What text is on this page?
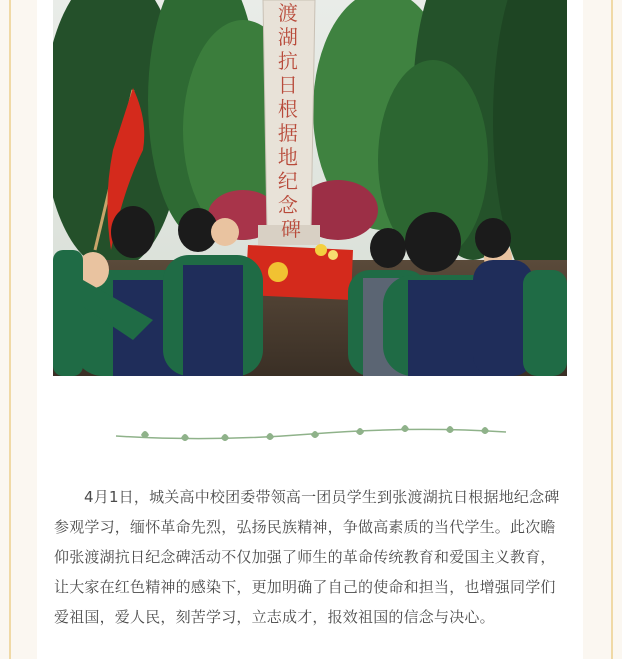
渡 湖 抗 日 根 据 地 纪 念 碑

4月1日，城关高中校团委带领高一团员学生到张渡湖抗日根据地纪念碑参观学习，缅怀革命先烈，弘扬民族精神，争做高素质的当代学生。此次瞻仰张渡湖抗日纪念碑活动不仅加强了师生的革命传统教育和爱国主义教育，让大家在红色精神的感染下，更加明确了自己的使命和担当，也增强同学们爱祖国，爱人民，刻苦学习，立志成才，报效祖国的信念与决心。
